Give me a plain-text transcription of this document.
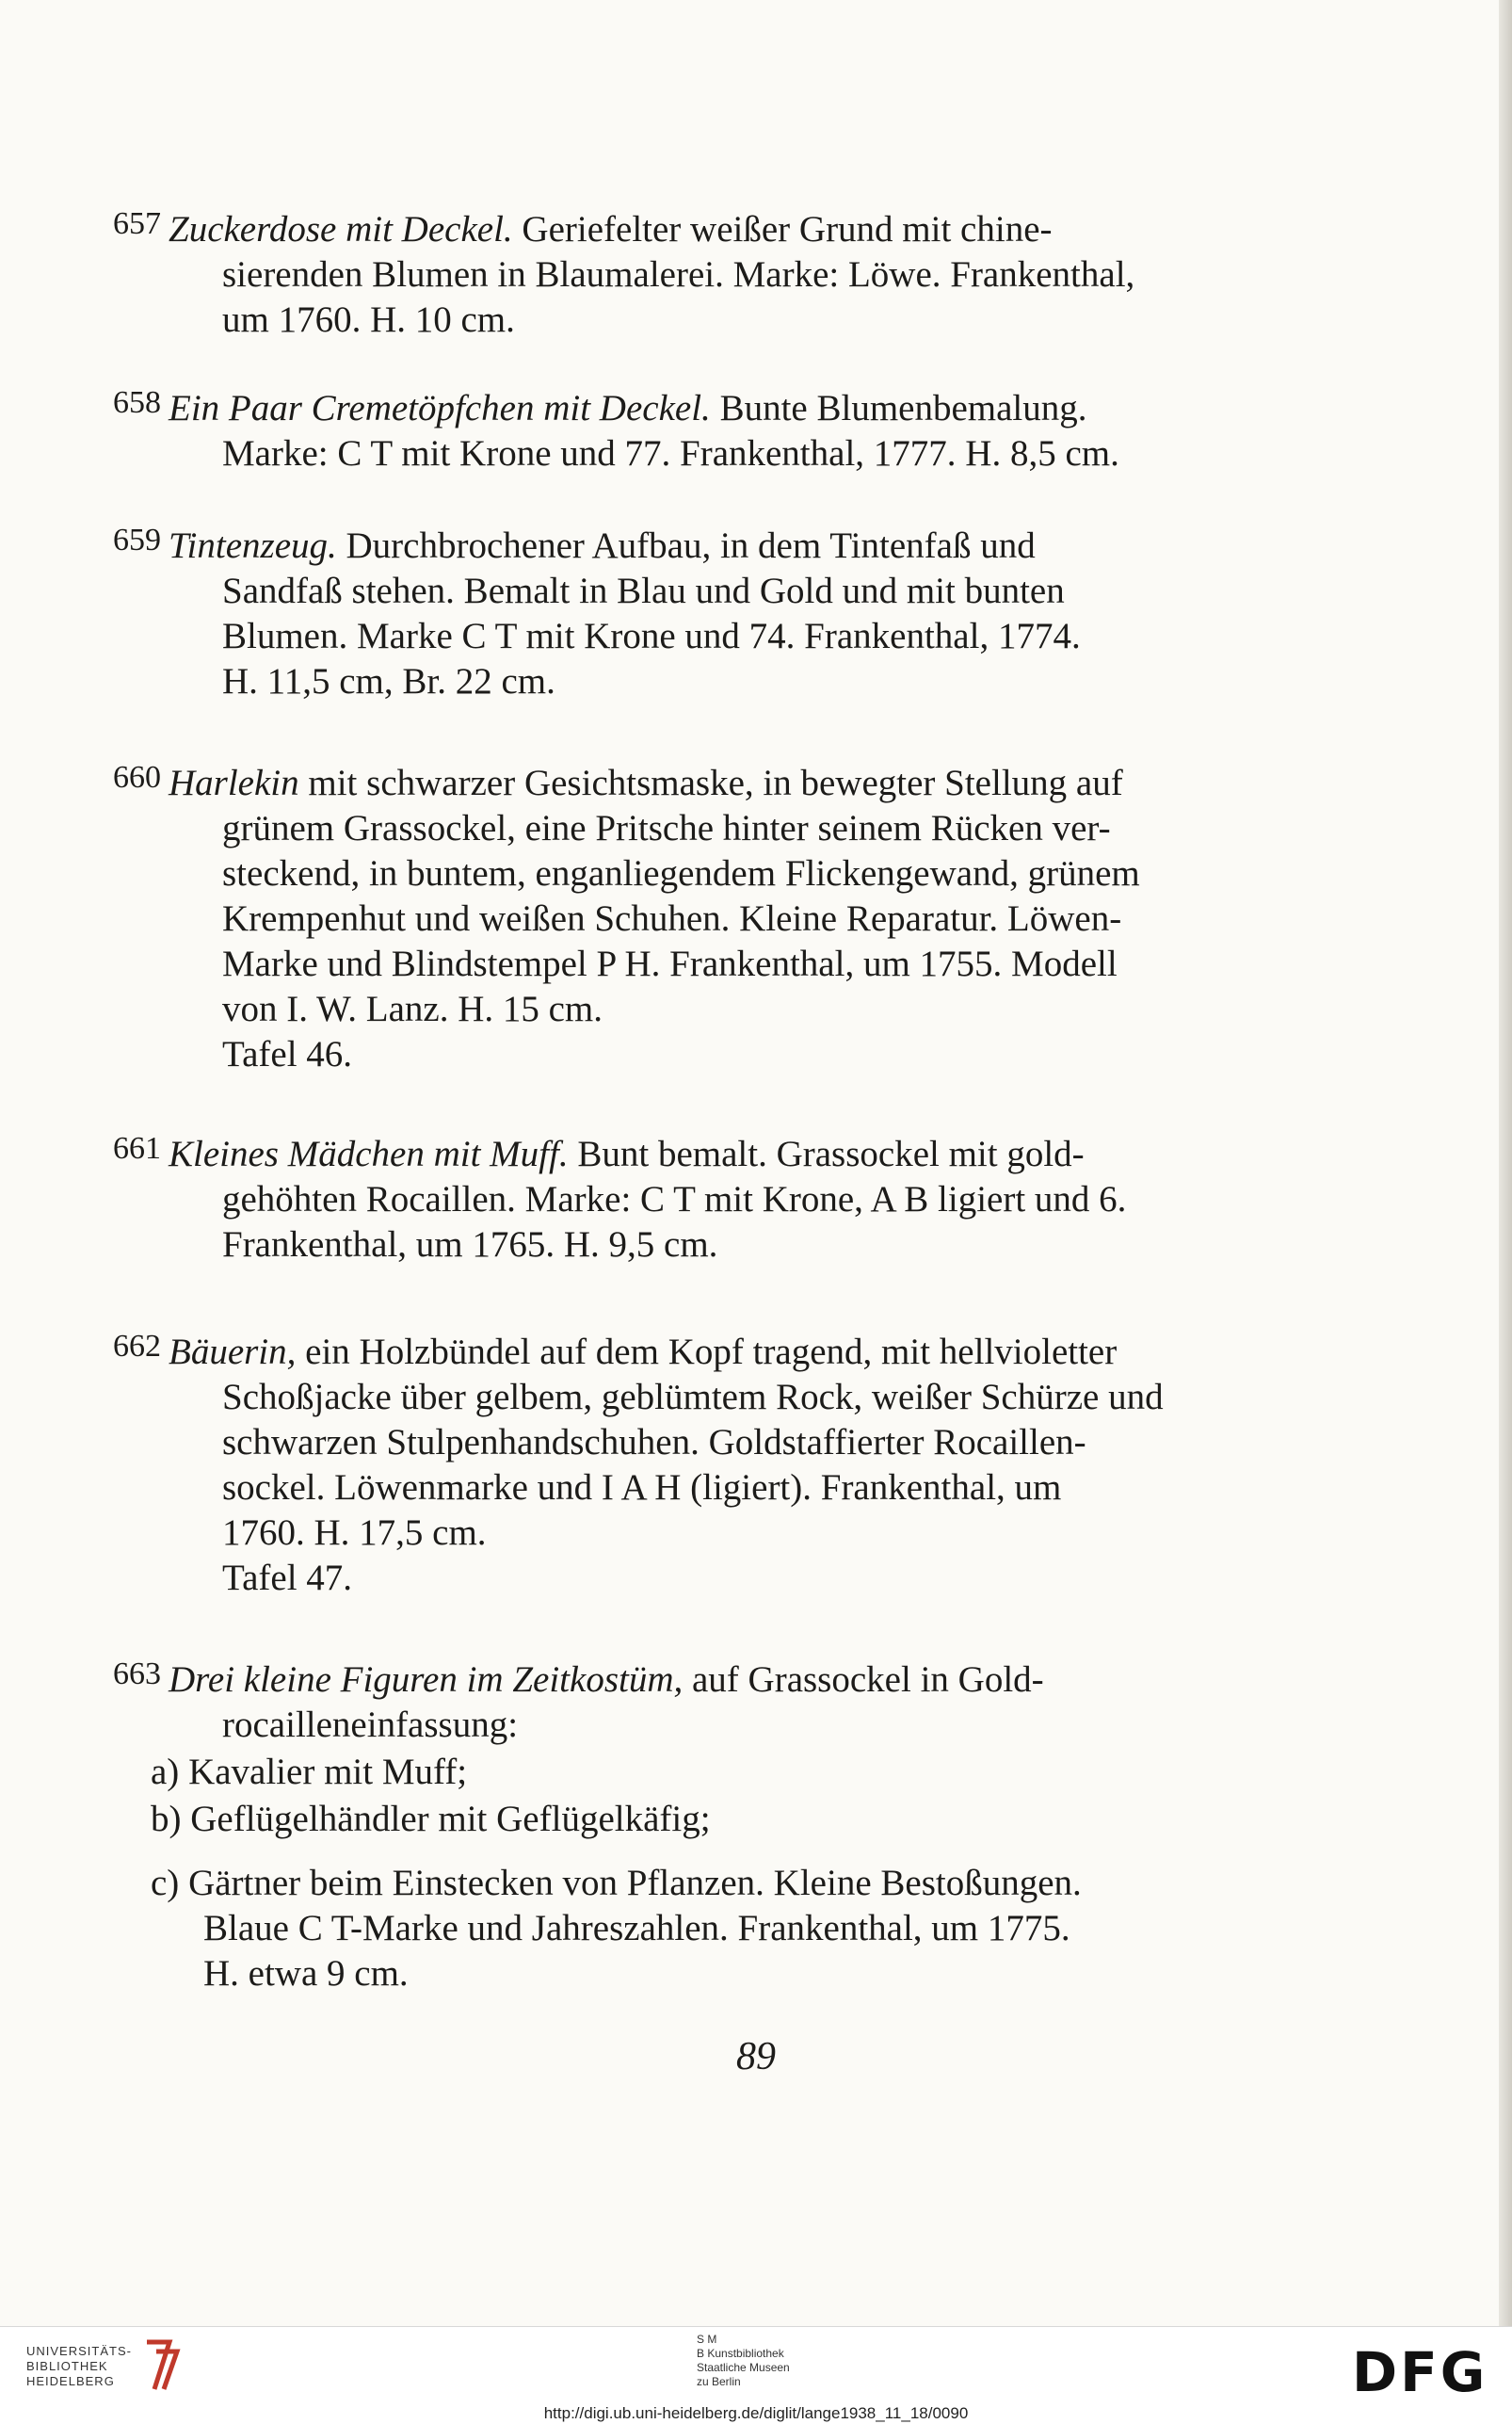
657 Zuckerdose mit Deckel. Geriefelter weißer Grund mit chine-
sierenden Blumen in Blaumalerei. Marke: Löwe. Frankenthal,
um 1760. H. 10 cm.
658 Ein Paar Cremetöpfchen mit Deckel. Bunte Blumenbemalung.
Marke: C T mit Krone und 77. Frankenthal, 1777. H. 8,5 cm.
659 Tintenzeug. Durchbrochener Aufbau, in dem Tintenfaß und
Sandfaß stehen. Bemalt in Blau und Gold und mit bunten
Blumen. Marke C T mit Krone und 74. Frankenthal, 1774.
H. 11,5 cm, Br. 22 cm.
660 Harlekin mit schwarzer Gesichtsmaske, in bewegter Stellung auf
grünem Grassockel, eine Pritsche hinter seinem Rücken ver-
steckend, in buntem, enganliegendem Flickengewand, grünem
Krempenhut und weißen Schuhen. Kleine Reparatur. Löwen-
Marke und Blindstempel P H. Frankenthal, um 1755. Modell
von I. W. Lanz. H. 15 cm.
Tafel 46.
661 Kleines Mädchen mit Muff. Bunt bemalt. Grassockel mit gold-
gehöhten Rocaillen. Marke: C T mit Krone, A B ligiert und 6.
Frankenthal, um 1765. H. 9,5 cm.
662 Bäuerin, ein Holzbündel auf dem Kopf tragend, mit hellvioletter
Schoßjacke über gelbem, geblümtem Rock, weißer Schürze und
schwarzen Stulpenhandschuhen. Goldstaffierter Rocaillen-
sockel. Löwenmarke und I A H (ligiert). Frankenthal, um
1760. H. 17,5 cm.
Tafel 47.
663 Drei kleine Figuren im Zeitkostüm, auf Grassockel in Gold-
rocailleneinfassung:
a) Kavalier mit Muff;
b) Geflügelhändler mit Geflügelkäfig;
c) Gärtner beim Einstecken von Pflanzen. Kleine Bestoßungen.
Blaue C T-Marke und Jahreszahlen. Frankenthal, um 1775.
H. etwa 9 cm.
89
UNIVERSITÄTS-
BIBLIOTHEK
HEIDELBERG
S M
B Kunstbibliothek
Staatliche Museen
zu Berlin	DFG
http://digi.ub.uni-heidelberg.de/diglit/lange1938_11_18/0090
